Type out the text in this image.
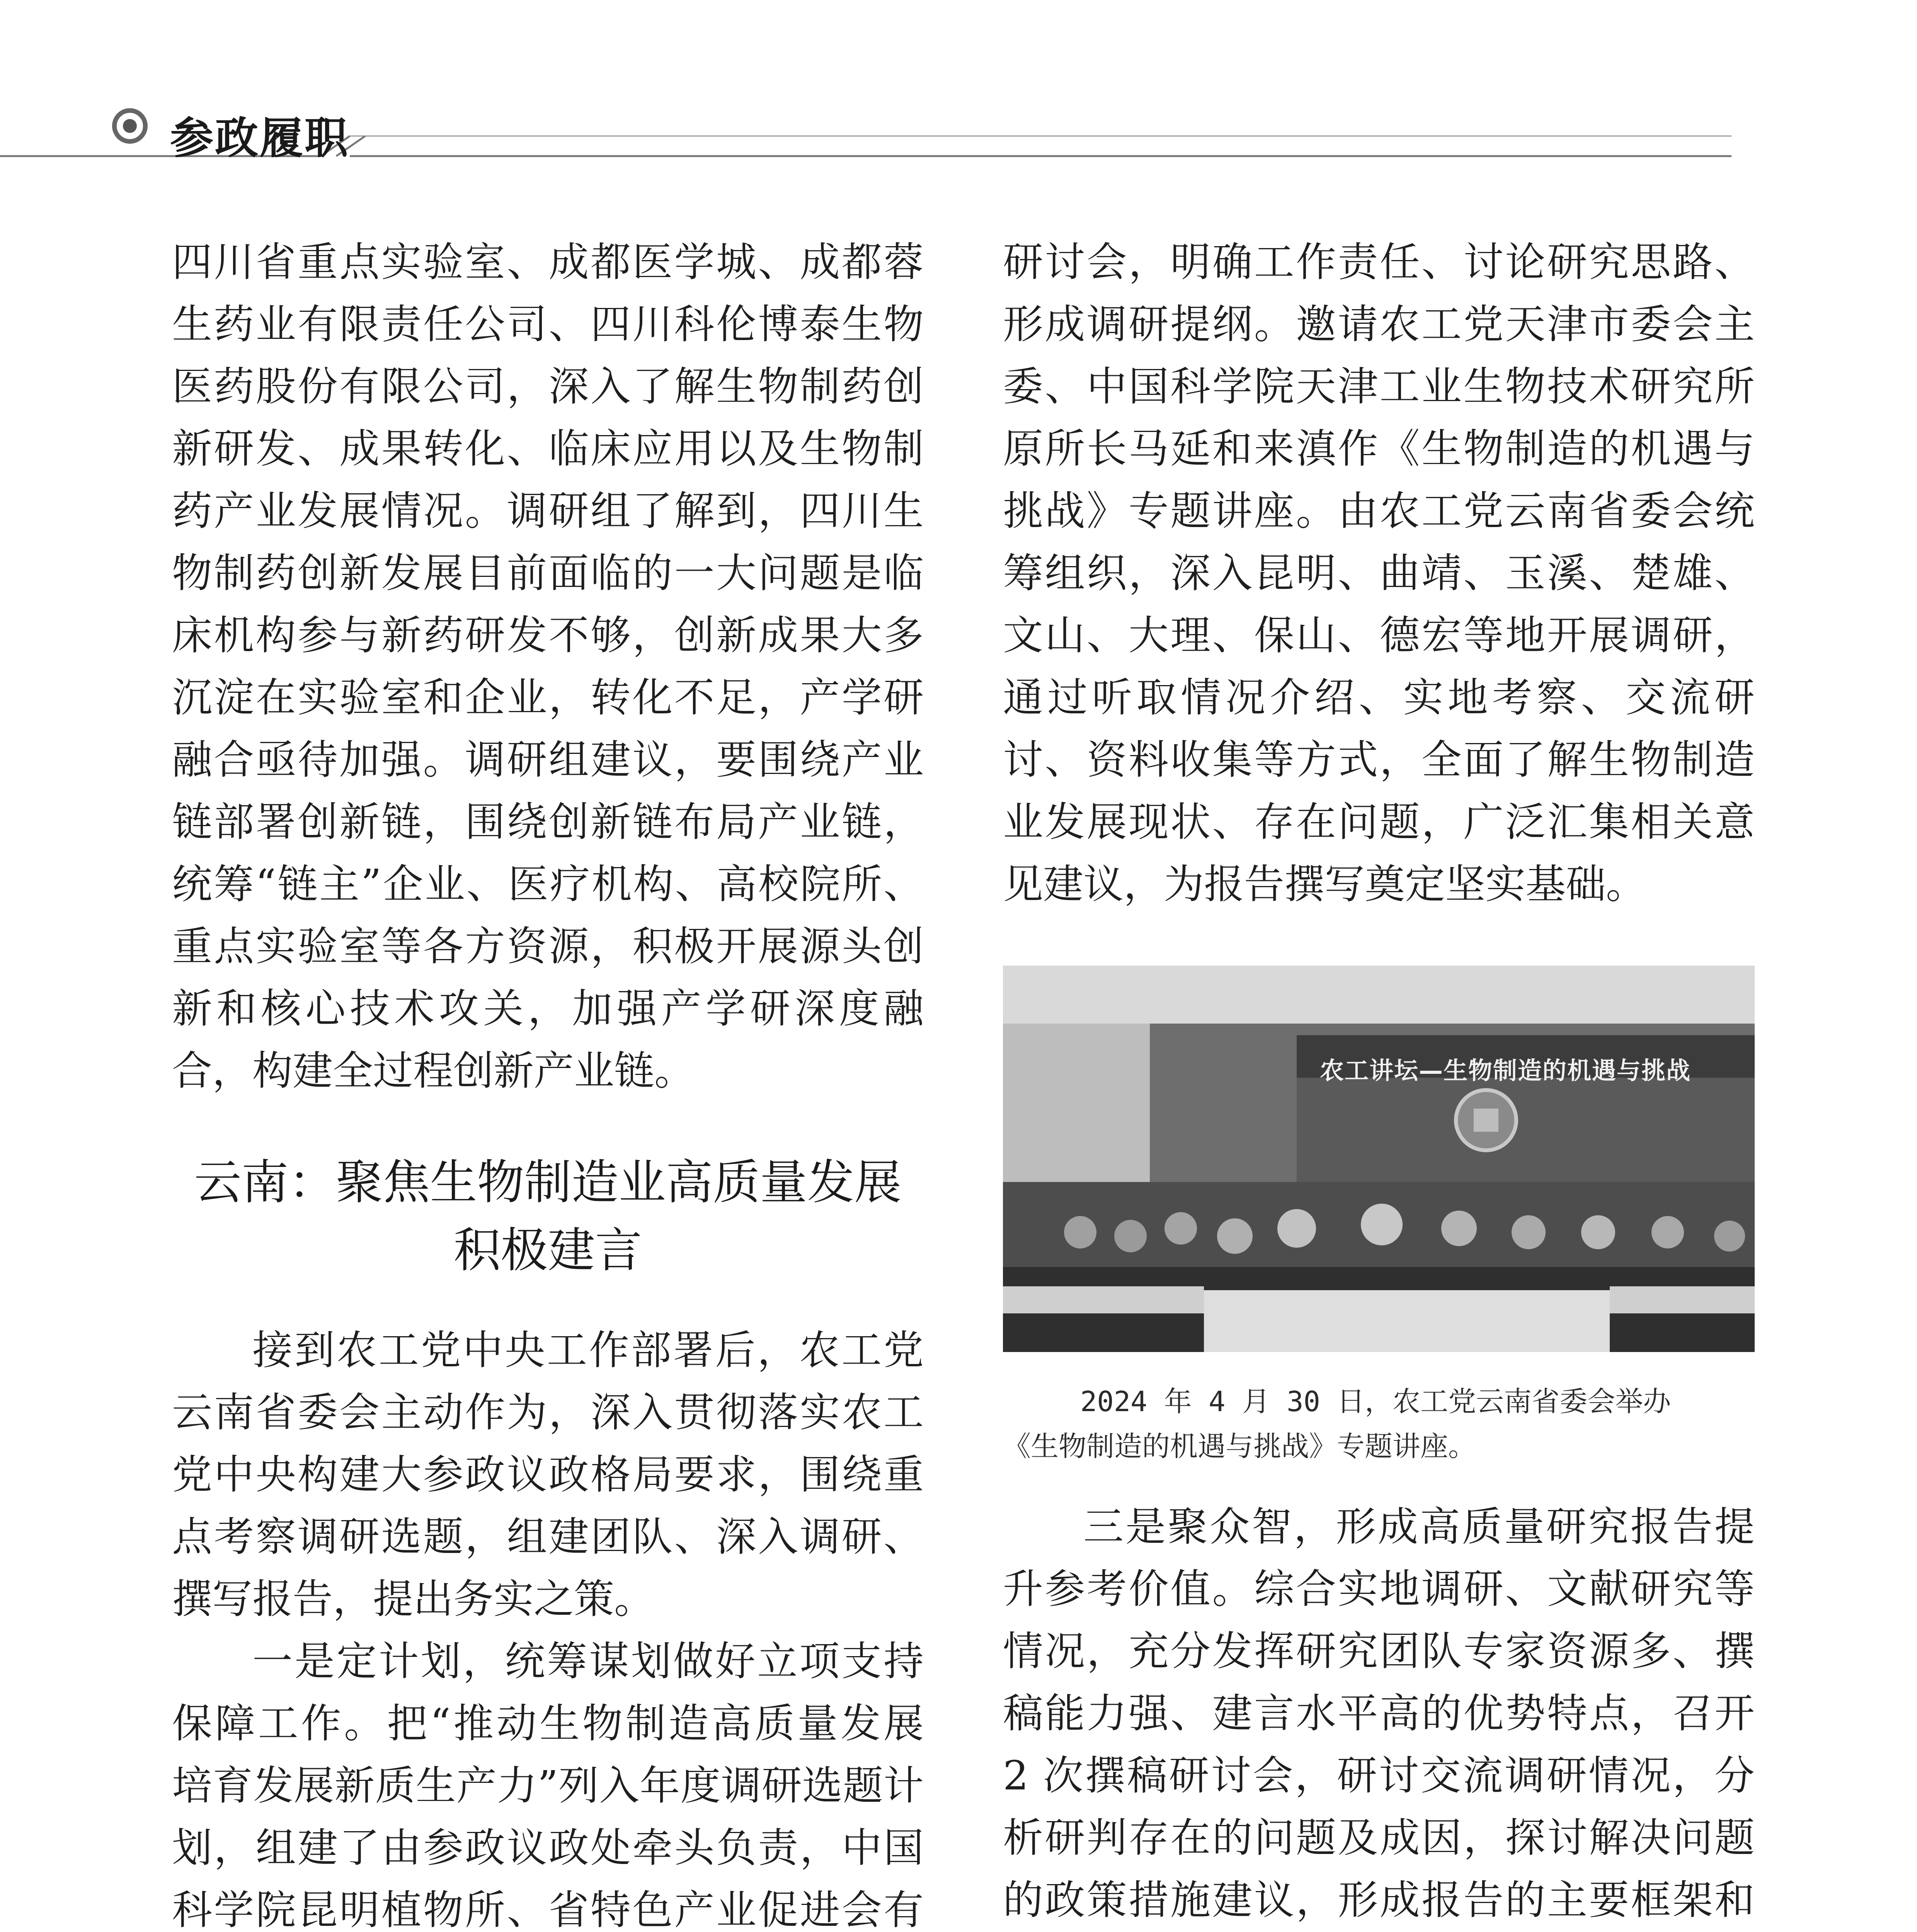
参政履职

四川省重点实验室、成都医学城、成都蓉生药业有限责任公司、四川科伦博泰生物医药股份有限公司，深入了解生物制药创新研发、成果转化、临床应用以及生物制药产业发展情况。调研组了解到，四川生物制药创新发展目前面临的一大问题是临床机构参与新药研发不够，创新成果大多沉淀在实验室和企业，转化不足，产学研融合亟待加强。调研组建议，要围绕产业链部署创新链，围绕创新链布局产业链，统筹“链主”企业、医疗机构、高校院所、重点实验室等各方资源，积极开展源头创新和核心技术攻关，加强产学研深度融合，构建全过程创新产业链。

云南：聚焦生物制造业高质量发展
积极建言

接到农工党中央工作部署后，农工党云南省委会主动作为，深入贯彻落实农工党中央构建大参政议政格局要求，围绕重点考察调研选题，组建团队、深入调研、撰写报告，提出务实之策。

一是定计划，统筹谋划做好立项支持保障工作。把“推动生物制造高质量发展　培育发展新质生产力”列入年度调研选题计划，组建了由参政议政处牵头负责，中国科学院昆明植物所、省特色产业促进会有

研讨会，明确工作责任、讨论研究思路、形成调研提纲。邀请农工党天津市委会主委、中国科学院天津工业生物技术研究所原所长马延和来滇作《生物制造的机遇与挑战》专题讲座。由农工党云南省委会统筹组织，深入昆明、曲靖、玉溪、楚雄、文山、大理、保山、德宏等地开展调研，通过听取情况介绍、实地考察、交流研讨、资料收集等方式，全面了解生物制造业发展现状、存在问题，广泛汇集相关意见建议，为报告撰写奠定坚实基础。

农工讲坛—生物制造的机遇与挑战
2024 年 4 月 30 日，农工党云南省委会举办
《生物制造的机遇与挑战》专题讲座。

三是聚众智，形成高质量研究报告提升参考价值。综合实地调研、文献研究等情况，充分发挥研究团队专家资源多、撰稿能力强、建言水平高的优势特点，召开 2 次撰稿研讨会，研讨交流调研情况，分析研判存在的问题及成因，探讨解决问题的政策措施建议，形成报告的主要框架和
